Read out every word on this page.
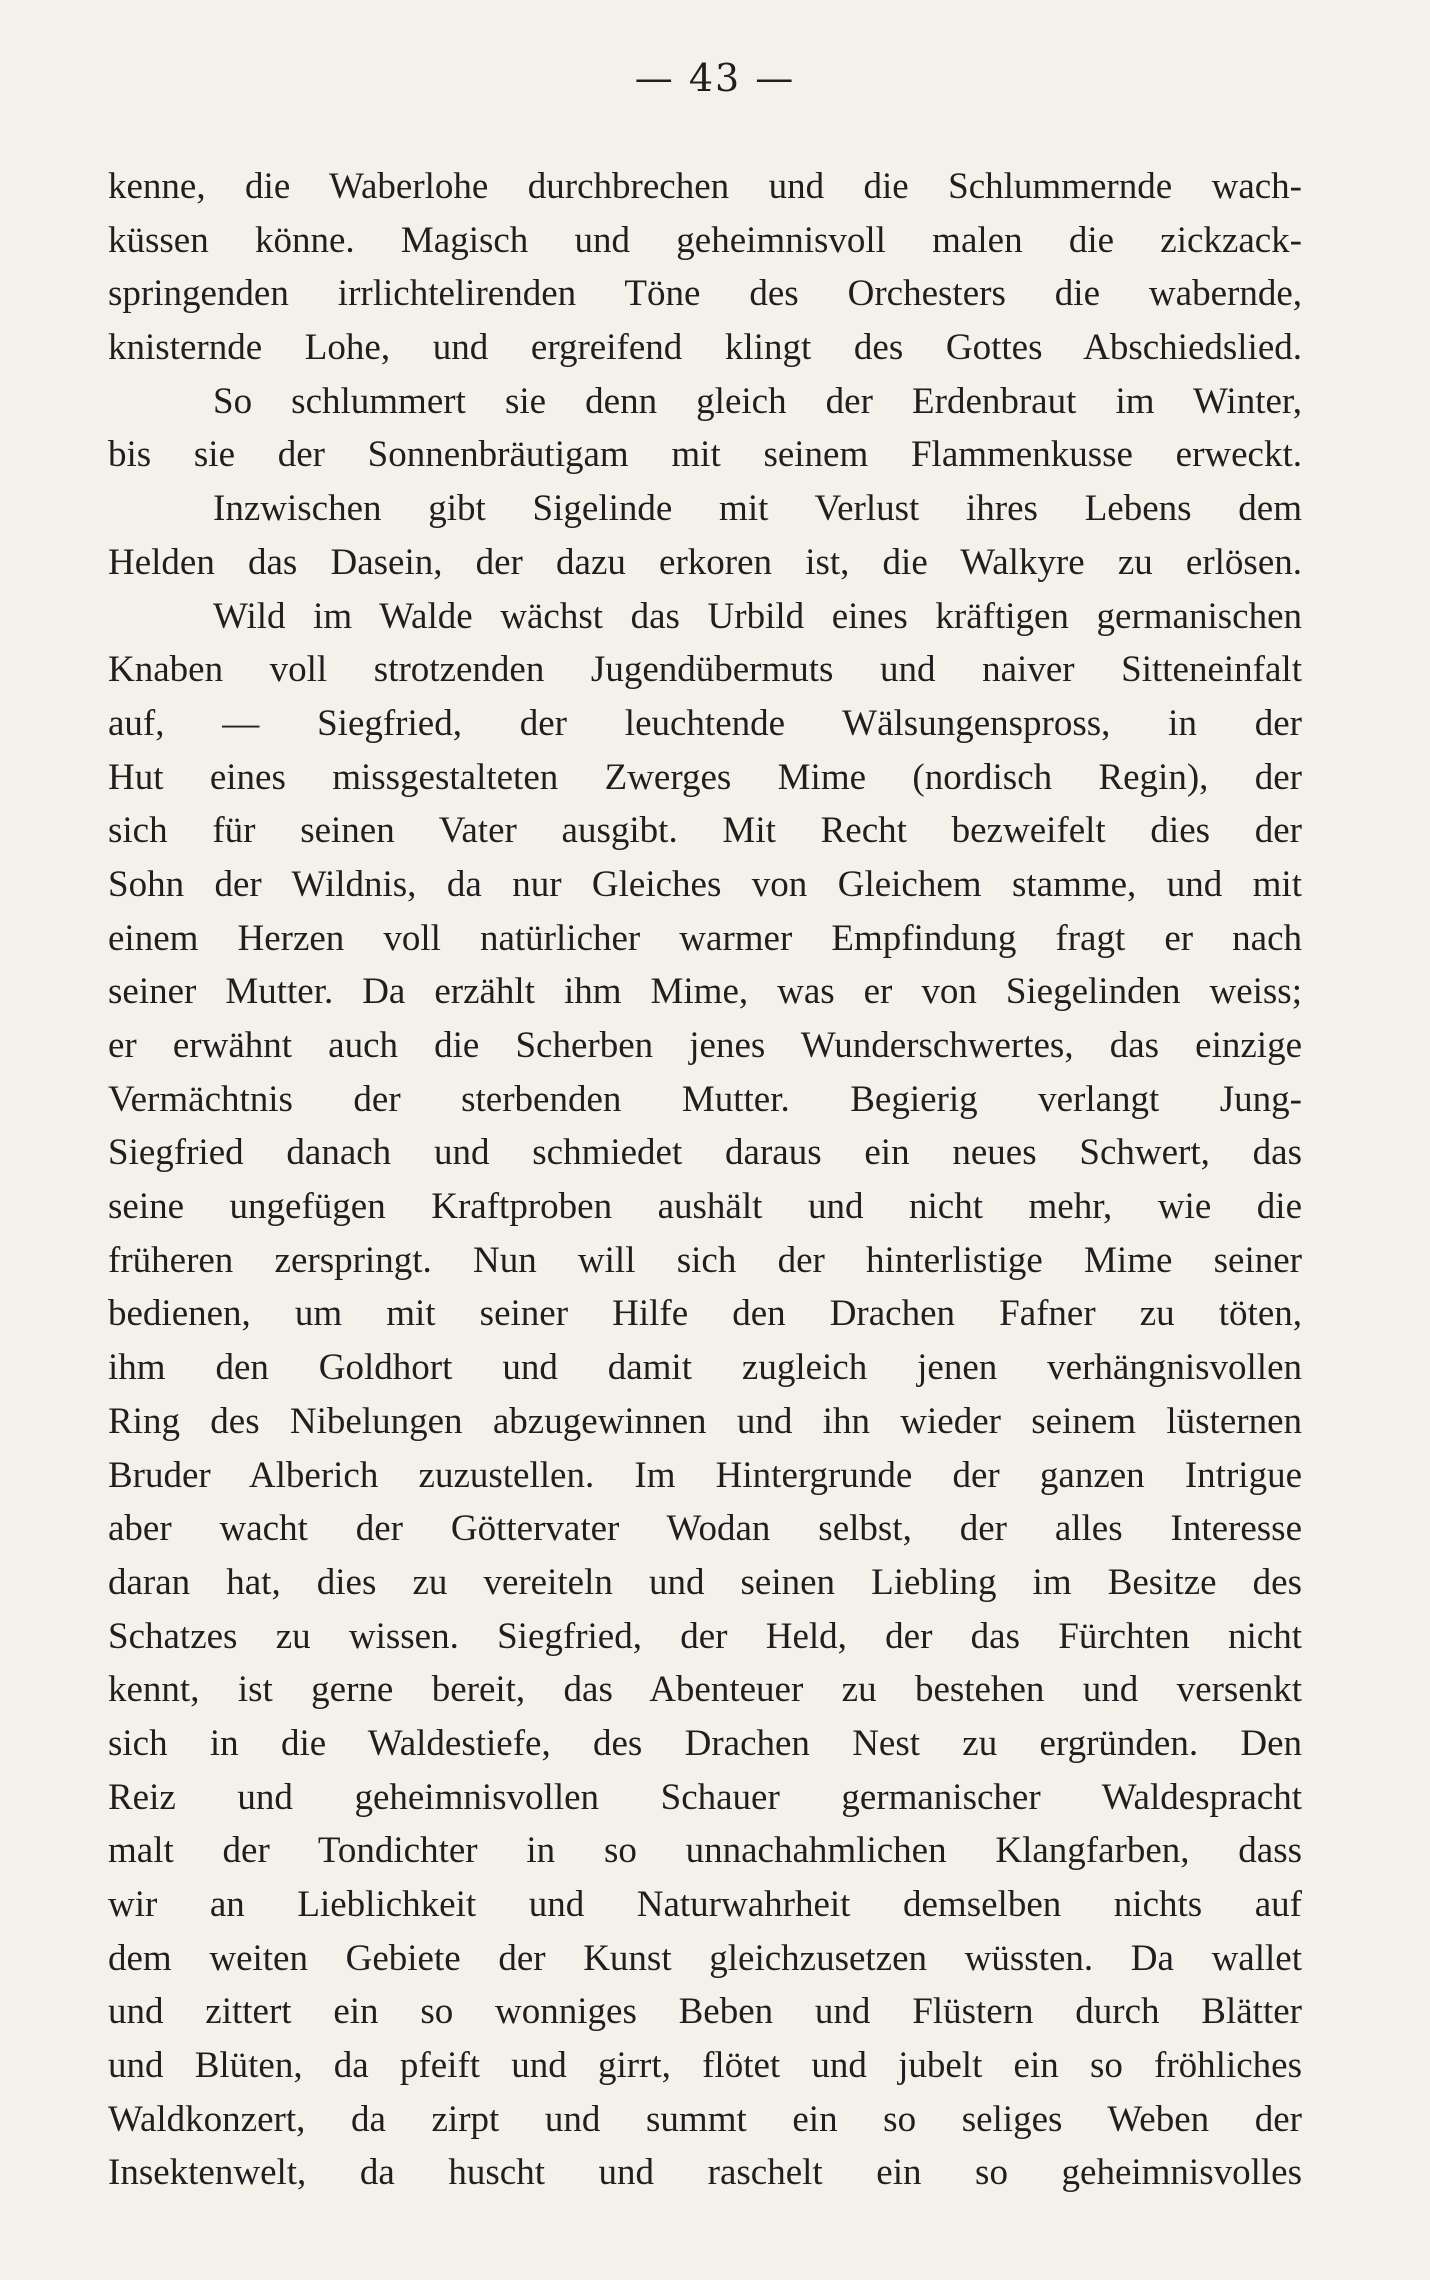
— 43 —
kenne, die Waberlohe durchbrechen und die Schlummernde wach-
küssen könne. Magisch und geheimnisvoll malen die zickzack-
springenden irrlichtelirenden Töne des Orchesters die wabernde,
knisternde Lohe, und ergreifend klingt des Gottes Abschiedslied.
So schlummert sie denn gleich der Erdenbraut im Winter,
bis sie der Sonnenbräutigam mit seinem Flammenkusse erweckt.
Inzwischen gibt Sigelinde mit Verlust ihres Lebens dem
Helden das Dasein, der dazu erkoren ist, die Walkyre zu erlösen.
Wild im Walde wächst das Urbild eines kräftigen germanischen
Knaben voll strotzenden Jugendübermuts und naiver Sitteneinfalt
auf, — Siegfried, der leuchtende Wälsungenspross, in der
Hut eines missgestalteten Zwerges Mime (nordisch Regin), der
sich für seinen Vater ausgibt. Mit Recht bezweifelt dies der
Sohn der Wildnis, da nur Gleiches von Gleichem stamme, und mit
einem Herzen voll natürlicher warmer Empfindung fragt er nach
seiner Mutter. Da erzählt ihm Mime, was er von Siegelinden weiss;
er erwähnt auch die Scherben jenes Wunderschwertes, das einzige
Vermächtnis der sterbenden Mutter. Begierig verlangt Jung-
Siegfried danach und schmiedet daraus ein neues Schwert, das
seine ungefügen Kraftproben aushält und nicht mehr, wie die
früheren zerspringt. Nun will sich der hinterlistige Mime seiner
bedienen, um mit seiner Hilfe den Drachen Fafner zu töten,
ihm den Goldhort und damit zugleich jenen verhängnisvollen
Ring des Nibelungen abzugewinnen und ihn wieder seinem lüsternen
Bruder Alberich zuzustellen. Im Hintergrunde der ganzen Intrigue
aber wacht der Göttervater Wodan selbst, der alles Interesse
daran hat, dies zu vereiteln und seinen Liebling im Besitze des
Schatzes zu wissen. Siegfried, der Held, der das Fürchten nicht
kennt, ist gerne bereit, das Abenteuer zu bestehen und versenkt
sich in die Waldestiefe, des Drachen Nest zu ergründen. Den
Reiz und geheimnisvollen Schauer germanischer Waldespracht
malt der Tondichter in so unnachahmlichen Klangfarben, dass
wir an Lieblichkeit und Naturwahrheit demselben nichts auf
dem weiten Gebiete der Kunst gleichzusetzen wüssten. Da wallet
und zittert ein so wonniges Beben und Flüstern durch Blätter
und Blüten, da pfeift und girrt, flötet und jubelt ein so fröhliches
Waldkonzert, da zirpt und summt ein so seliges Weben der
Insektenwelt, da huscht und raschelt ein so geheimnisvolles
